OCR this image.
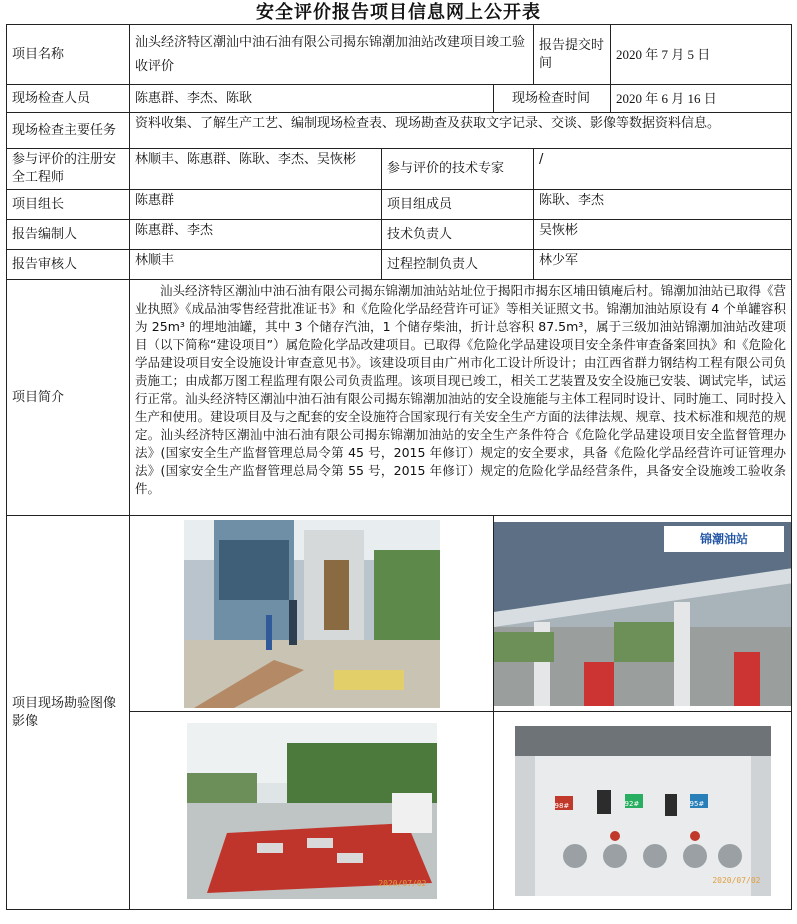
安全评价报告项目信息网上公开表
项目名称	汕头经济特区潮汕中油石油有限公司揭东锦潮加油站改建项目竣工验收评价			报告提交时间	2020 年 7 月 5 日
现场检查人员	陈惠群、李杰、陈耿		现场检查时间		2020 年 6 月 16 日
现场检查主要任务	资料收集、了解生产工艺、编制现场检查表、现场勘查及获取文字记录、交谈、影像等数据资料信息。				
参与评价的注册安全工程师	林顺丰、陈惠群、陈耿、李杰、吴恢彬	参与评价的技术专家		/	
项目组长	陈惠群	项目组成员		陈耿、李杰	
报告编制人	陈惠群、李杰	技术负责人		吴恢彬	
报告审核人	林顺丰	过程控制负责人		林少军	
项目简介	汕头经济特区潮汕中油石油有限公司揭东锦潮加油站站址位于揭阳市揭东区埔田镇庵后村。锦潮加油站已取得《营业执照》《成品油零售经营批准证书》和《危险化学品经营许可证》等相关证照文书。锦潮加油站原设有 4 个单罐容积为 25m³ 的埋地油罐，其中 3 个储存汽油，1 个储存柴油，折计总容积 87.5m³，属于三级加油站锦潮加油站改建项目（以下简称“建设项目”）属危险化学品改建项目。已取得《危险化学品建设项目安全条件审查备案回执》和《危险化学品建设项目安全设施设计审查意见书》。该建设项目由广州市化工设计所设计；由江西省群力钢结构工程有限公司负责施工；由成都万图工程监理有限公司负责监理。该项目现已竣工，相关工艺装置及安全设施已安装、调试完毕，试运行正常。汕头经济特区潮汕中油石油有限公司揭东锦潮加油站的安全设施能与主体工程同时设计、同时施工、同时投入生产和使用。建设项目及与之配套的安全设施符合国家现行有关安全生产方面的法律法规、规章、技术标准和规范的规定。汕头经济特区潮汕中油石油有限公司揭东锦潮加油站的安全生产条件符合《危险化学品建设项目安全监督管理办法》(国家安全生产监督管理总局令第 45 号，2015 年修订）规定的安全要求，具备《危险化学品经营许可证管理办法》(国家安全生产监督管理总局令第 55 号，2015 年修订）规定的危险化学品经营条件，具备安全设施竣工验收条件。				

项目现场勘验图像影像			锦潮油站		

	2020/07/02		98# 92# 95#
2020/07/02		
